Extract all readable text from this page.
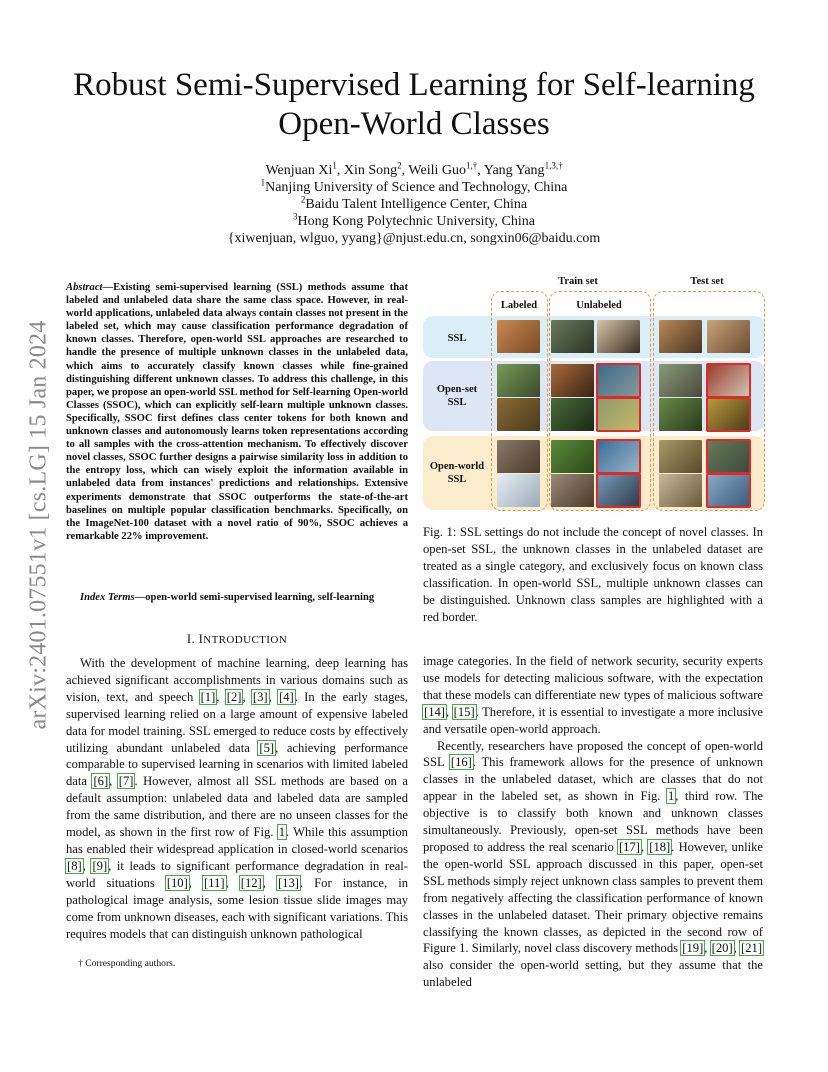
arXiv:2401.07551v1 [cs.LG] 15 Jan 2024
Robust Semi-Supervised Learning for Self-learning Open-World Classes
Wenjuan Xi$^1$, Xin Song$^2$, Weili Guo$^{1,\dagger}$, Yang Yang$^{1,3,\dagger}$
$^1$Nanjing University of Science and Technology, China
$^2$Baidu Talent Intelligence Center, China
$^3$Hong Kong Polytechnic University, China
{xiwenjuan, wlguo, yyang}@njust.edu.cn, songxin06@baidu.com
Abstract—Existing semi-supervised learning (SSL) methods assume that labeled and unlabeled data share the same class space. However, in real-world applications, unlabeled data always contain classes not present in the labeled set, which may cause classification performance degradation of known classes. Therefore, open-world SSL approaches are researched to handle the presence of multiple unknown classes in the unlabeled data, which aims to accurately classify known classes while fine-grained distinguishing different unknown classes. To address this challenge, in this paper, we propose an open-world SSL method for Self-learning Open-world Classes (SSOC), which can explicitly self-learn multiple unknown classes. Specifically, SSOC first defines class center tokens for both known and unknown classes and autonomously learns token representations according to all samples with the cross-attention mechanism. To effectively discover novel classes, SSOC further designs a pairwise similarity loss in addition to the entropy loss, which can wisely exploit the information available in unlabeled data from instances' predictions and relationships. Extensive experiments demonstrate that SSOC outperforms the state-of-the-art baselines on multiple popular classification benchmarks. Specifically, on the ImageNet-100 dataset with a novel ratio of 90%, SSOC achieves a remarkable 22% improvement.
Index Terms—open-world semi-supervised learning, self-learning
I. INTRODUCTION

With the development of machine learning, deep learning has achieved significant accomplishments in various domains such as vision, text, and speech [1], [2], [3], [4]. In the early stages, supervised learning relied on a large amount of expensive labeled data for model training. SSL emerged to reduce costs by effectively utilizing abundant unlabeled data [5], achieving performance comparable to supervised learning in scenarios with limited labeled data [6], [7]. However, almost all SSL methods are based on a default assumption: unlabeled data and labeled data are sampled from the same distribution, and there are no unseen classes for the model, as shown in the first row of Fig. 1. While this assumption has enabled their widespread application in closed-world scenarios [8], [9], it leads to significant performance degradation in real-world situations [10], [11], [12], [13]. For instance, in pathological image analysis, some lesion tissue slide images may come from unknown diseases, each with significant variations. This requires models that can distinguish unknown pathological

† Corresponding authors.
Train set	Test set
SSL
Open-set
SSL
Open-world
SSL
Labeled	Unlabeled
Fig. 1: SSL settings do not include the concept of novel classes. In open-set SSL, the unknown classes in the unlabeled dataset are treated as a single category, and exclusively focus on known class classification. In open-world SSL, multiple unknown classes can be distinguished. Unknown class samples are highlighted with a red border.

image categories. In the field of network security, security experts use models for detecting malicious software, with the expectation that these models can differentiate new types of malicious software [14], [15]. Therefore, it is essential to investigate a more inclusive and versatile open-world approach.

Recently, researchers have proposed the concept of open-world SSL [16]. This framework allows for the presence of unknown classes in the unlabeled dataset, which are classes that do not appear in the labeled set, as shown in Fig. 1, third row. The objective is to classify both known and unknown classes simultaneously. Previously, open-set SSL methods have been proposed to address the real scenario [17], [18]. However, unlike the open-world SSL approach discussed in this paper, open-set SSL methods simply reject unknown class samples to prevent them from negatively affecting the classification performance of known classes in the unlabeled dataset. Their primary objective remains classifying the known classes, as depicted in the second row of Figure 1. Similarly, novel class discovery methods [19], [20], [21] also consider the open-world setting, but they assume that the unlabeled
